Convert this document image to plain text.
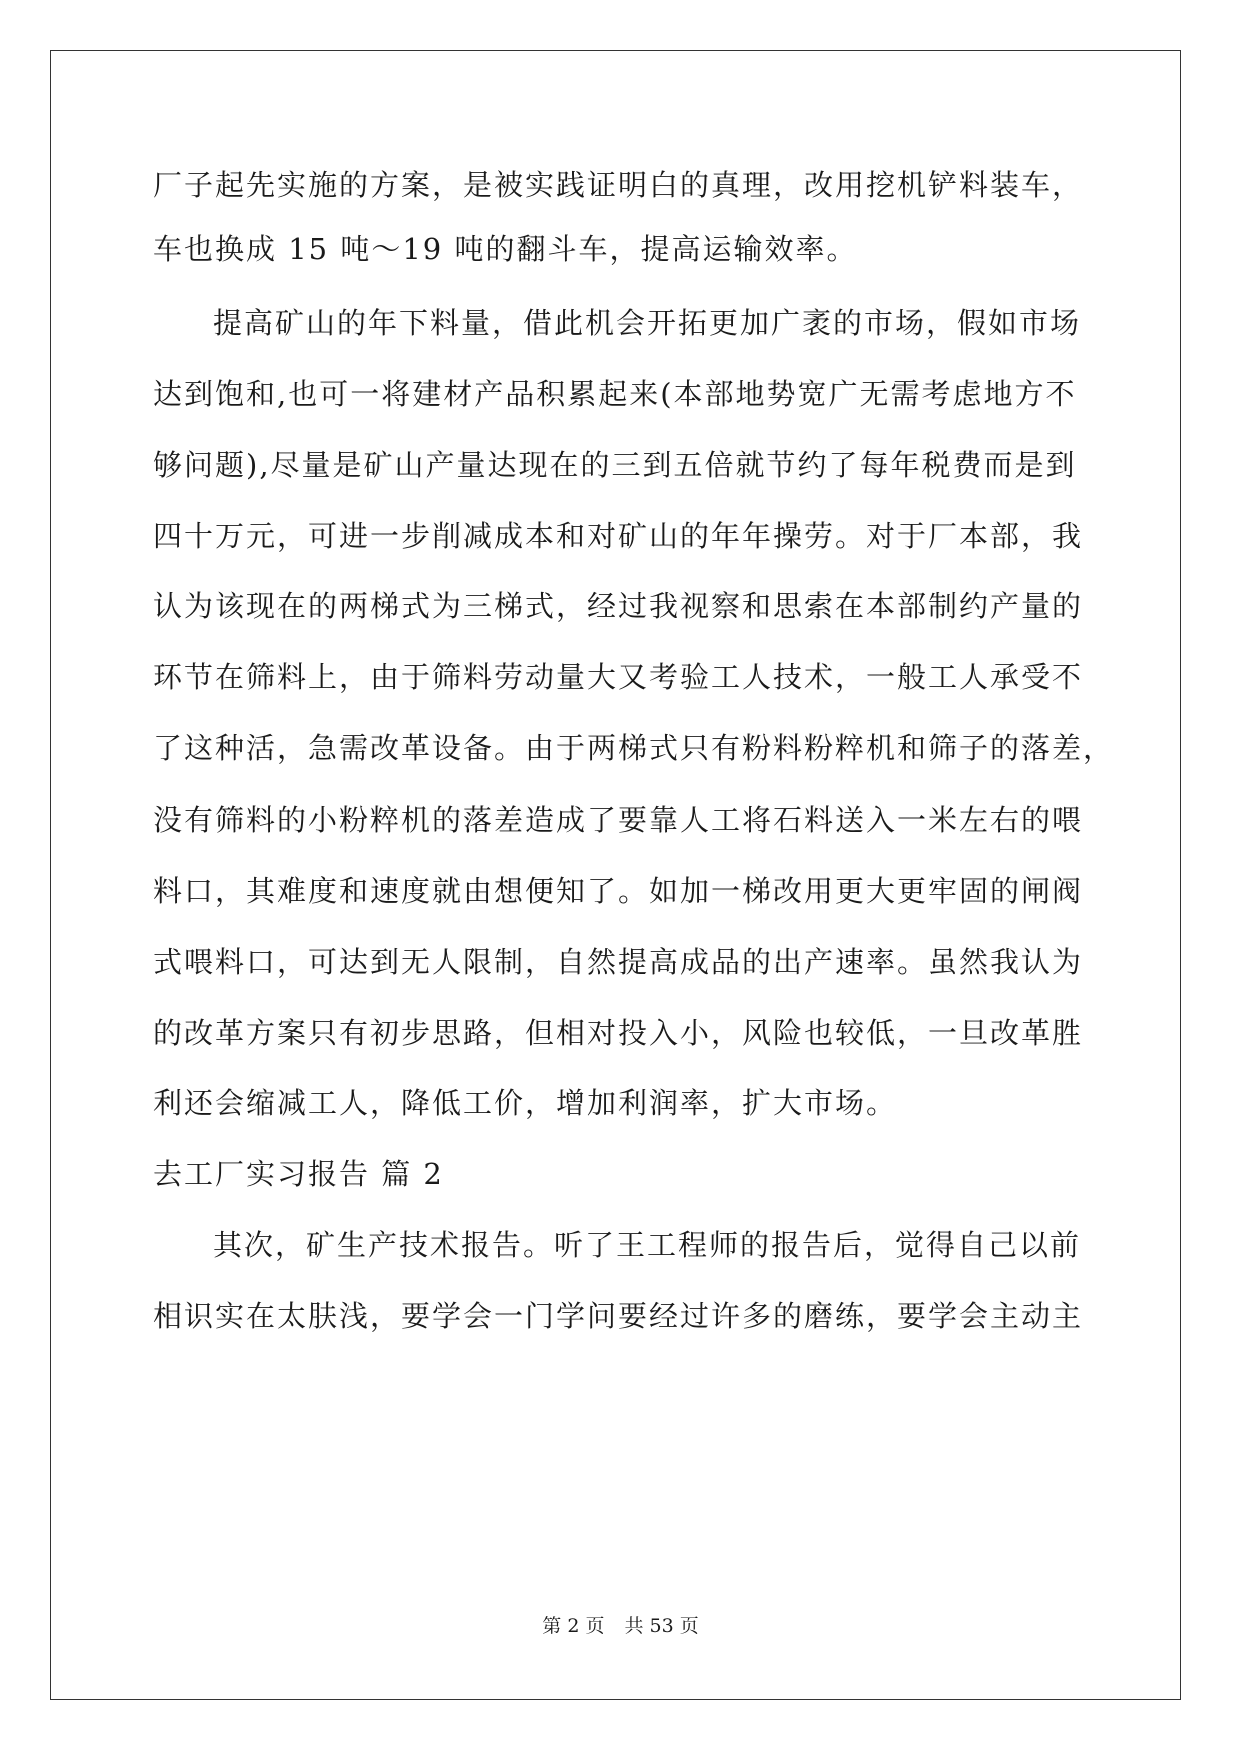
厂子起先实施的方案，是被实践证明白的真理，改用挖机铲料装车，
车也换成 15 吨～19 吨的翻斗车，提高运输效率。
提高矿山的年下料量，借此机会开拓更加广袤的市场，假如市场
达到饱和,也可一将建材产品积累起来(本部地势宽广无需考虑地方不
够问题),尽量是矿山产量达现在的三到五倍就节约了每年税费而是到
四十万元，可进一步削减成本和对矿山的年年操劳。对于厂本部，我
认为该现在的两梯式为三梯式，经过我视察和思索在本部制约产量的
环节在筛料上，由于筛料劳动量大又考验工人技术，一般工人承受不
了这种活，急需改革设备。由于两梯式只有粉料粉粹机和筛子的落差，
没有筛料的小粉粹机的落差造成了要靠人工将石料送入一米左右的喂
料口，其难度和速度就由想便知了。如加一梯改用更大更牢固的闸阀
式喂料口，可达到无人限制，自然提高成品的出产速率。虽然我认为
的改革方案只有初步思路，但相对投入小，风险也较低，一旦改革胜
利还会缩减工人，降低工价，增加利润率，扩大市场。
去工厂实习报告 篇 2
其次，矿生产技术报告。听了王工程师的报告后，觉得自己以前
相识实在太肤浅，要学会一门学问要经过许多的磨练，要学会主动主
第 2 页 共 53 页
